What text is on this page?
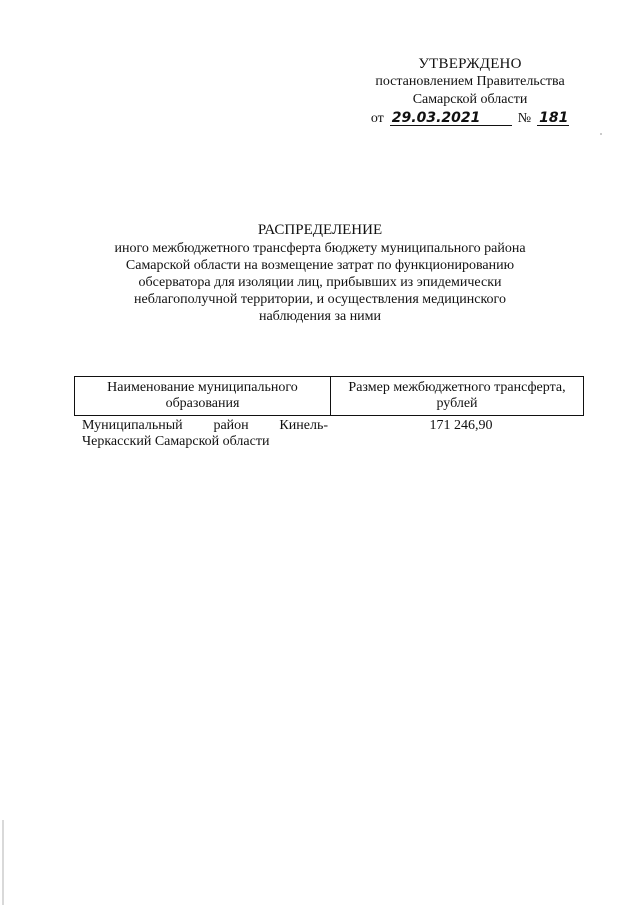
УТВЕРЖДЕНО
постановлением Правительства
Самарской области
от 29.03.2021	№ 181
РАСПРЕДЕЛЕНИЕ
иного межбюджетного трансферта бюджету муниципального района
Самарской области на возмещение затрат по функционированию
обсерватора для изоляции лиц, прибывших из эпидемически
неблагополучной территории, и осуществления медицинского
наблюдения за ними
Наименование муниципального образования
Размер межбюджетного трансферта, рублей
Муниципальный район Кинель-Черкасский Самарской области
171 246,90
